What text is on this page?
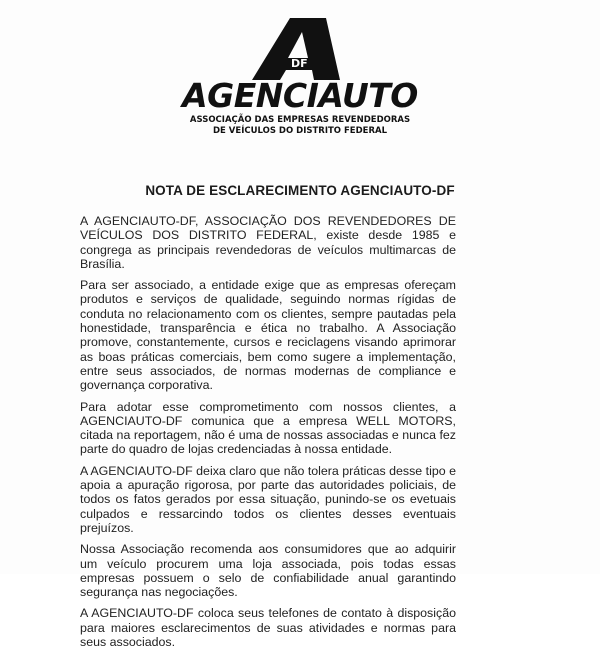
DF
AGENCIAUTO
ASSOCIAÇÃO DAS EMPRESAS REVENDEDORAS
DE VEÍCULOS DO DISTRITO FEDERAL
NOTA DE ESCLARECIMENTO AGENCIAUTO-DF

A AGENCIAUTO-DF, ASSOCIAÇÃO DOS REVENDEDORES DE VEÍCULOS DOS DISTRITO FEDERAL, existe desde 1985 e congrega as principais revendedoras de veículos multimarcas de Brasília.

Para ser associado, a entidade exige que as empresas ofereçam produtos e serviços de qualidade, seguindo normas rígidas de conduta no relacionamento com os clientes, sempre pautadas pela honestidade, transparência e ética no trabalho. A Associação promove, constantemente, cursos e reciclagens visando aprimorar as boas práticas comerciais, bem como sugere a implementação, entre seus associados, de normas modernas de compliance e governança corporativa.

Para adotar esse comprometimento com nossos clientes, a AGENCIAUTO-DF comunica que a empresa WELL MOTORS, citada na reportagem, não é uma de nossas associadas e nunca fez parte do quadro de lojas credenciadas à nossa entidade.

A AGENCIAUTO-DF deixa claro que não tolera práticas desse tipo e apoia a apuração rigorosa, por parte das autoridades policiais, de todos os fatos gerados por essa situação, punindo-se os evetuais culpados e ressarcindo todos os clientes desses eventuais prejuízos.

Nossa Associação recomenda aos consumidores que ao adquirir um veículo procurem uma loja associada, pois todas essas empresas possuem o selo de confiabilidade anual garantindo segurança nas negociações.

A AGENCIAUTO-DF coloca seus telefones de contato à disposição para maiores esclarecimentos de suas atividades e normas para seus associados.
